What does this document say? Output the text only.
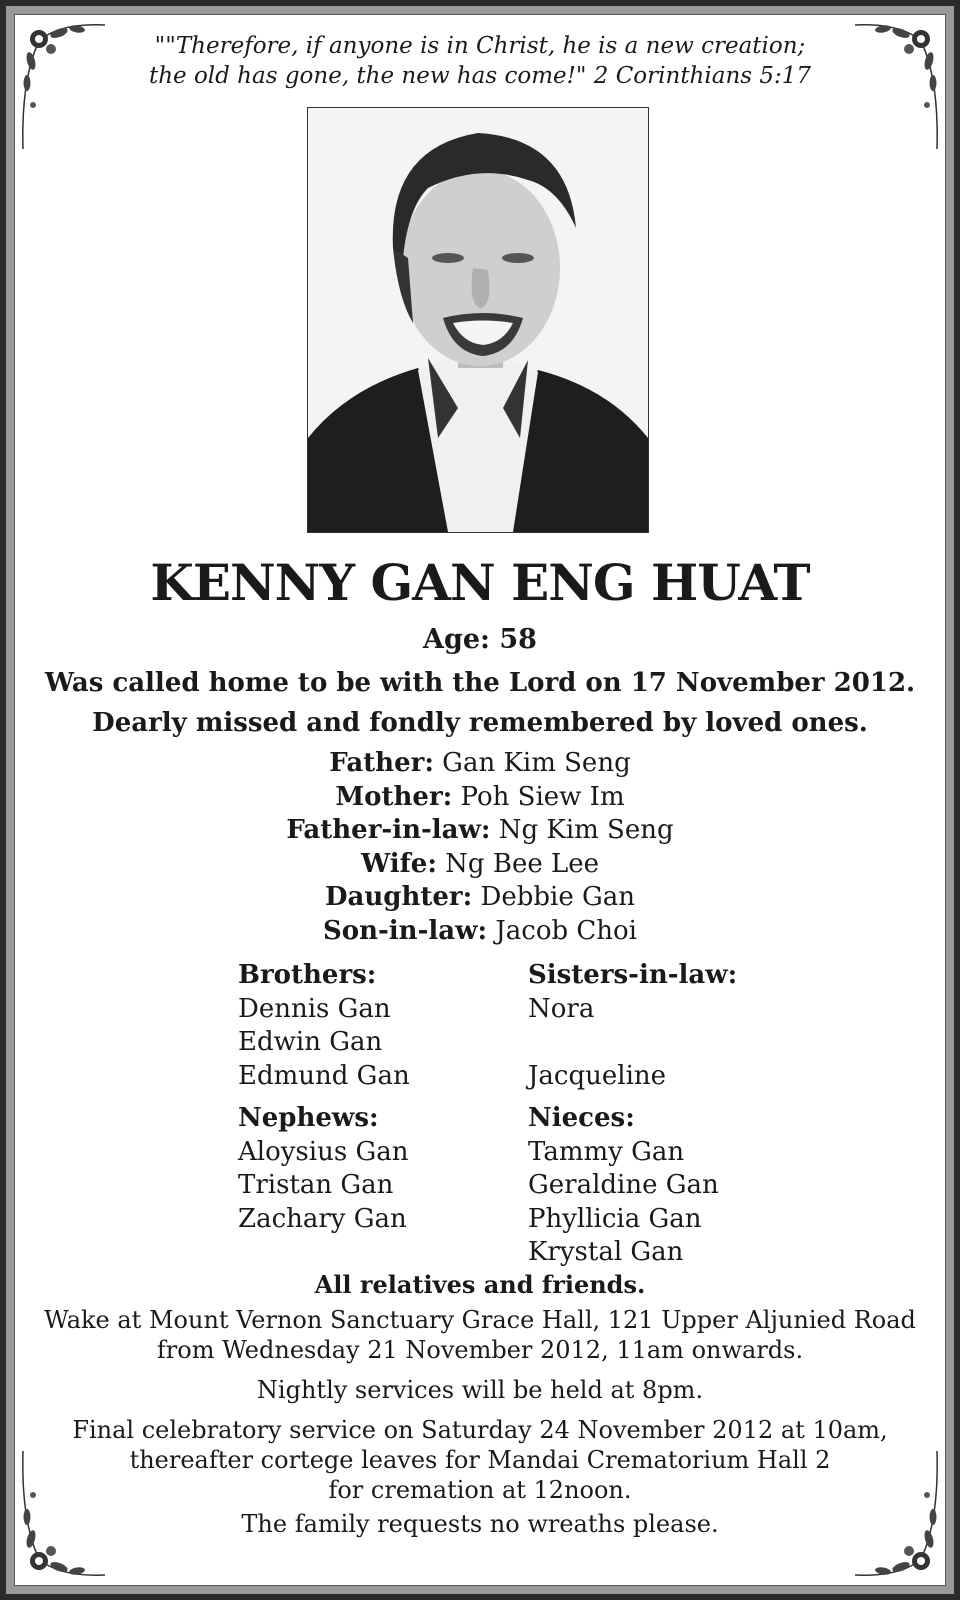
""Therefore, if anyone is in Christ, he is a new creation;
the old has gone, the new has come!" 2 Corinthians 5:17
KENNY GAN ENG HUAT
Age: 58
Was called home to be with the Lord on 17 November 2012.
Dearly missed and fondly remembered by loved ones.
Father: Gan Kim Seng
Mother: Poh Siew Im
Father-in-law: Ng Kim Seng
Wife: Ng Bee Lee
Daughter: Debbie Gan
Son-in-law: Jacob Choi
Brothers:
Dennis Gan
Edwin Gan
Edmund Gan
Sisters-in-law:
Nora
Jacqueline
Nephews:
Aloysius Gan
Tristan Gan
Zachary Gan
Nieces:
Tammy Gan
Geraldine Gan
Phyllicia Gan
Krystal Gan
All relatives and friends.
Wake at Mount Vernon Sanctuary Grace Hall, 121 Upper Aljunied Road
from Wednesday 21 November 2012, 11am onwards.
Nightly services will be held at 8pm.
Final celebratory service on Saturday 24 November 2012 at 10am,
thereafter cortege leaves for Mandai Crematorium Hall 2
for cremation at 12noon.
The family requests no wreaths please.
